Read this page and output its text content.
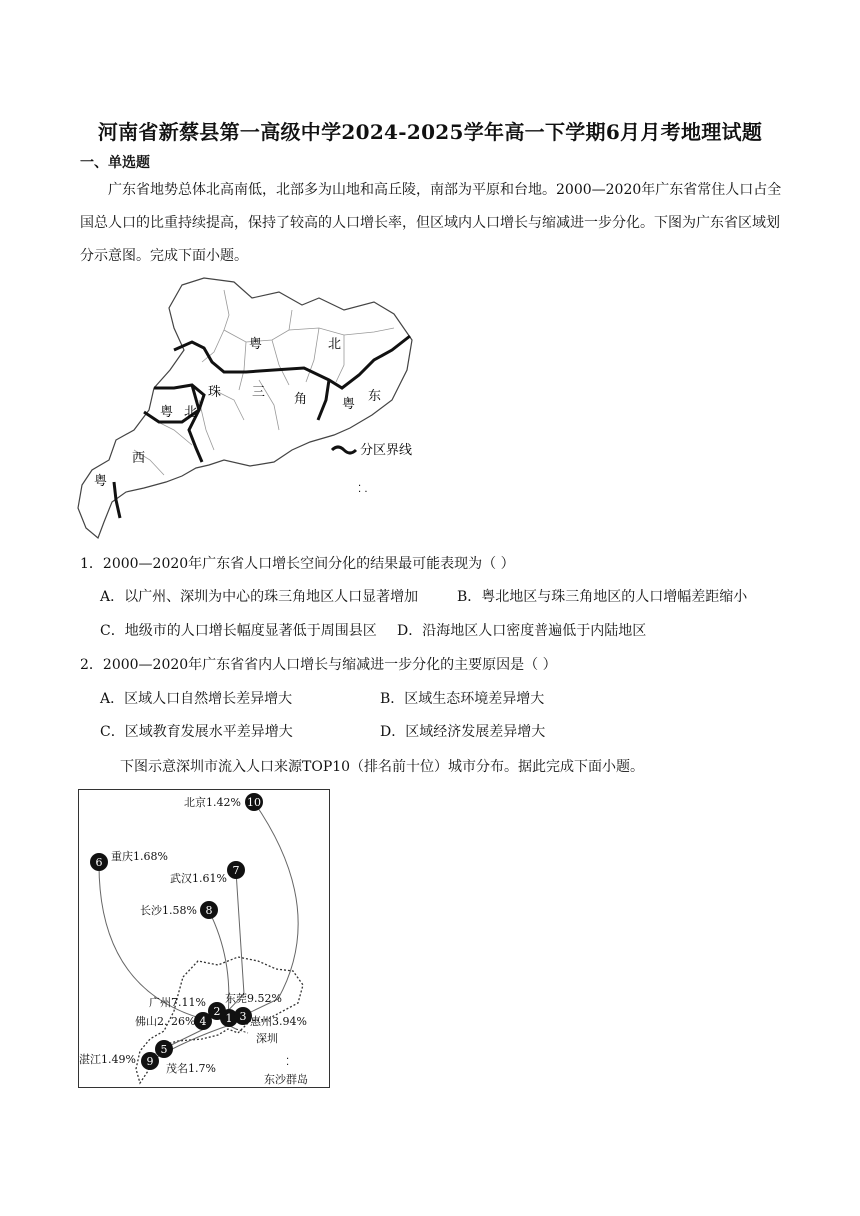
河南省新蔡县第一高级中学2024-2025学年高一下学期6月月考地理试题
一、单选题

广东省地势总体北高南低，北部多为山地和高丘陵，南部为平原和台地。2000—2020年广东省常住人口占全国总人口的比重持续提高，保持了较高的人口增长率，但区域内人口增长与缩减进一步分化。下图为广东省区域划分示意图。完成下面小题。

粤	北
粤 北
珠 三 角	粤
东
西
粤
分区界线
⁚ .
1．2000—2020年广东省人口增长空间分化的结果最可能表现为（ ）
A．以广州、深圳为中心的珠三角地区人口显著增加	B．粤北地区与珠三角地区的人口增幅差距缩小
C．地级市的人口增长幅度显著低于周围县区 D．沿海地区人口密度普遍低于内陆地区
2．2000—2020年广东省省内人口增长与缩减进一步分化的主要原因是（ ）
A．区域人口自然增长差异增大	B．区域生态环境差异增大
C．区域教育发展水平差异增大	D．区域经济发展差异增大
下图示意深圳市流入人口来源TOP10（排名前十位）城市分布。据此完成下面小题。
10
6
7
8
2
1
4	3
5
9
北京1.42%
重庆1.68%
武汉1.61%
长沙1.58%
广州7.11% 东莞9.52%
佛山2. 26%	惠州3.94%
深圳
湛江1.49%
茂名1.7%	⁚
东沙群岛
